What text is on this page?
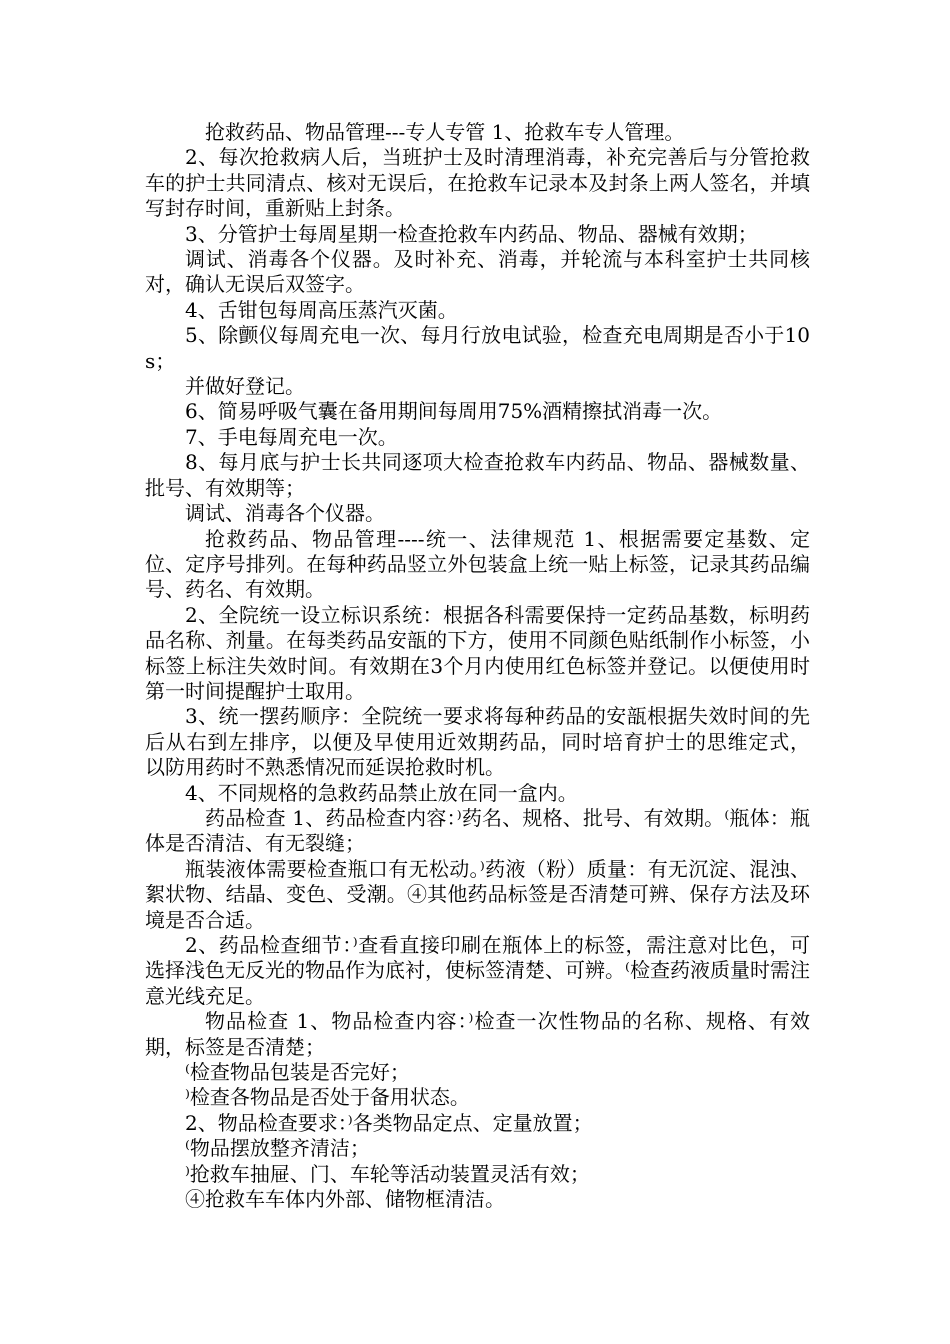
抢救药品、物品管理---专人专管 1、抢救车专人管理。

2、每次抢救病人后，当班护士及时清理消毒，补充完善后与分管抢救车的护士共同清点、核对无误后，在抢救车记录本及封条上两人签名，并填写封存时间，重新贴上封条。

3、分管护士每周星期一检查抢救车内药品、物品、器械有效期；

调试、消毒各个仪器。及时补充、消毒，并轮流与本科室护士共同核对，确认无误后双签字。

4、舌钳包每周高压蒸汽灭菌。

5、除颤仪每周充电一次、每月行放电试验，检查充电周期是否小于10s；

并做好登记。

6、简易呼吸气囊在备用期间每周用75%酒精擦拭消毒一次。

7、手电每周充电一次。

8、每月底与护士长共同逐项大检查抢救车内药品、物品、器械数量、批号、有效期等；

调试、消毒各个仪器。

抢救药品、物品管理----统一、法律规范 1、根据需要定基数、定位、定序号排列。在每种药品竖立外包装盒上统一贴上标签，记录其药品编号、药名、有效期。

2、全院统一设立标识系统：根据各科需要保持一定药品基数，标明药品名称、剂量。在每类药品安瓿的下方，使用不同颜色贴纸制作小标签，小标签上标注失效时间。有效期在3个月内使用红色标签并登记。以便使用时第一时间提醒护士取用。

3、统一摆药顺序：全院统一要求将每种药品的安瓿根据失效时间的先后从右到左排序，以便及早使用近效期药品，同时培育护士的思维定式， 以防用药时不熟悉情况而延误抢救时机。

4、不同规格的急救药品禁止放在同一盒内。

药品检查 1、药品检查内容：⁾药名、规格、批号、有效期。⁽瓶体：瓶体是否清洁、有无裂缝；

瓶装液体需要检查瓶口有无松动。⁾药液（粉）质量：有无沉淀、混浊、絮状物、结晶、变色、受潮。④其他药品标签是否清楚可辨、保存方法及环境是否合适。

2、药品检查细节：⁾查看直接印刷在瓶体上的标签，需注意对比色，可选择浅色无反光的物品作为底衬，使标签清楚、可辨。⁽检查药液质量时需注意光线充足。

物品检查 1、物品检查内容：⁾检查一次性物品的名称、规格、有效期，标签是否清楚；

⁽检查物品包装是否完好；

⁾检查各物品是否处于备用状态。

2、物品检查要求：⁾各类物品定点、定量放置；

⁽物品摆放整齐清洁；

⁾抢救车抽屉、门、车轮等活动装置灵活有效；

④抢救车车体内外部、储物框清洁。
